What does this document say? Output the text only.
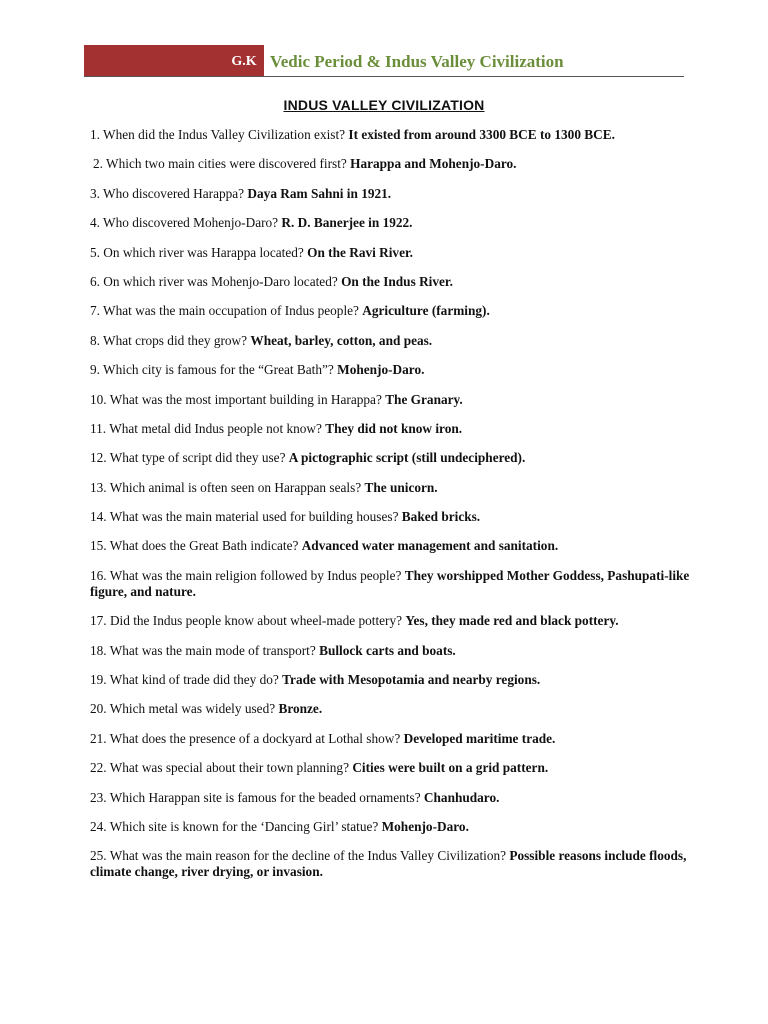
G.K Vedic Period & Indus Valley Civilization
INDUS VALLEY CIVILIZATION
1. When did the Indus Valley Civilization exist? It existed from around 3300 BCE to 1300 BCE.
2. Which two main cities were discovered first? Harappa and Mohenjo-Daro.
3. Who discovered Harappa? Daya Ram Sahni in 1921.
4. Who discovered Mohenjo-Daro? R. D. Banerjee in 1922.
5. On which river was Harappa located? On the Ravi River.
6. On which river was Mohenjo-Daro located? On the Indus River.
7. What was the main occupation of Indus people? Agriculture (farming).
8. What crops did they grow? Wheat, barley, cotton, and peas.
9. Which city is famous for the “Great Bath”? Mohenjo-Daro.
10. What was the most important building in Harappa? The Granary.
11. What metal did Indus people not know? They did not know iron.
12. What type of script did they use? A pictographic script (still undeciphered).
13. Which animal is often seen on Harappan seals? The unicorn.
14. What was the main material used for building houses? Baked bricks.
15. What does the Great Bath indicate? Advanced water management and sanitation.
16. What was the main religion followed by Indus people? They worshipped Mother Goddess, Pashupati-like figure, and nature.
17. Did the Indus people know about wheel-made pottery? Yes, they made red and black pottery.
18. What was the main mode of transport? Bullock carts and boats.
19. What kind of trade did they do? Trade with Mesopotamia and nearby regions.
20. Which metal was widely used? Bronze.
21. What does the presence of a dockyard at Lothal show? Developed maritime trade.
22. What was special about their town planning? Cities were built on a grid pattern.
23. Which Harappan site is famous for the beaded ornaments? Chanhudaro.
24. Which site is known for the ‘Dancing Girl’ statue? Mohenjo-Daro.
25. What was the main reason for the decline of the Indus Valley Civilization? Possible reasons include floods, climate change, river drying, or invasion.
